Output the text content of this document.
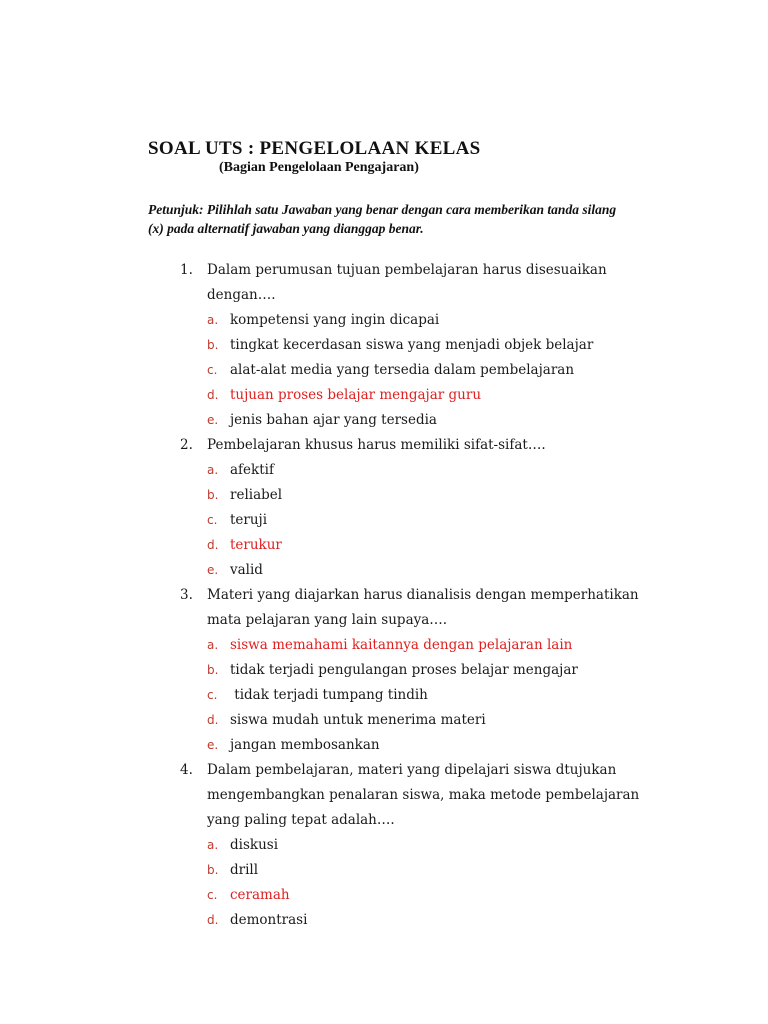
SOAL UTS : PENGELOLAAN KELAS
(Bagian Pengelolaan Pengajaran)
Petunjuk: Pilihlah satu Jawaban yang benar dengan cara memberikan tanda silang (x) pada alternatif jawaban yang dianggap benar.
1.	Dalam perumusan tujuan pembelajaran harus disesuaikan dengan….
a. kompetensi yang ingin dicapai
b. tingkat kecerdasan siswa yang menjadi objek belajar
c. alat-alat media yang tersedia dalam pembelajaran
d. tujuan proses belajar mengajar guru
e. jenis bahan ajar yang tersedia
2.	Pembelajaran khusus harus memiliki sifat-sifat….
a. afektif
b. reliabel
c. teruji
d. terukur
e. valid
3.	Materi yang diajarkan harus dianalisis dengan memperhatikan mata pelajaran yang lain supaya….
a. siswa memahami kaitannya dengan pelajaran lain
b. tidak terjadi pengulangan proses belajar mengajar
c. tidak terjadi tumpang tindih
d. siswa mudah untuk menerima materi
e. jangan membosankan
4.	Dalam pembelajaran, materi yang dipelajari siswa dtujukan mengembangkan penalaran siswa, maka metode pembelajaran yang paling tepat adalah….
a. diskusi
b. drill
c. ceramah
d. demontrasi
